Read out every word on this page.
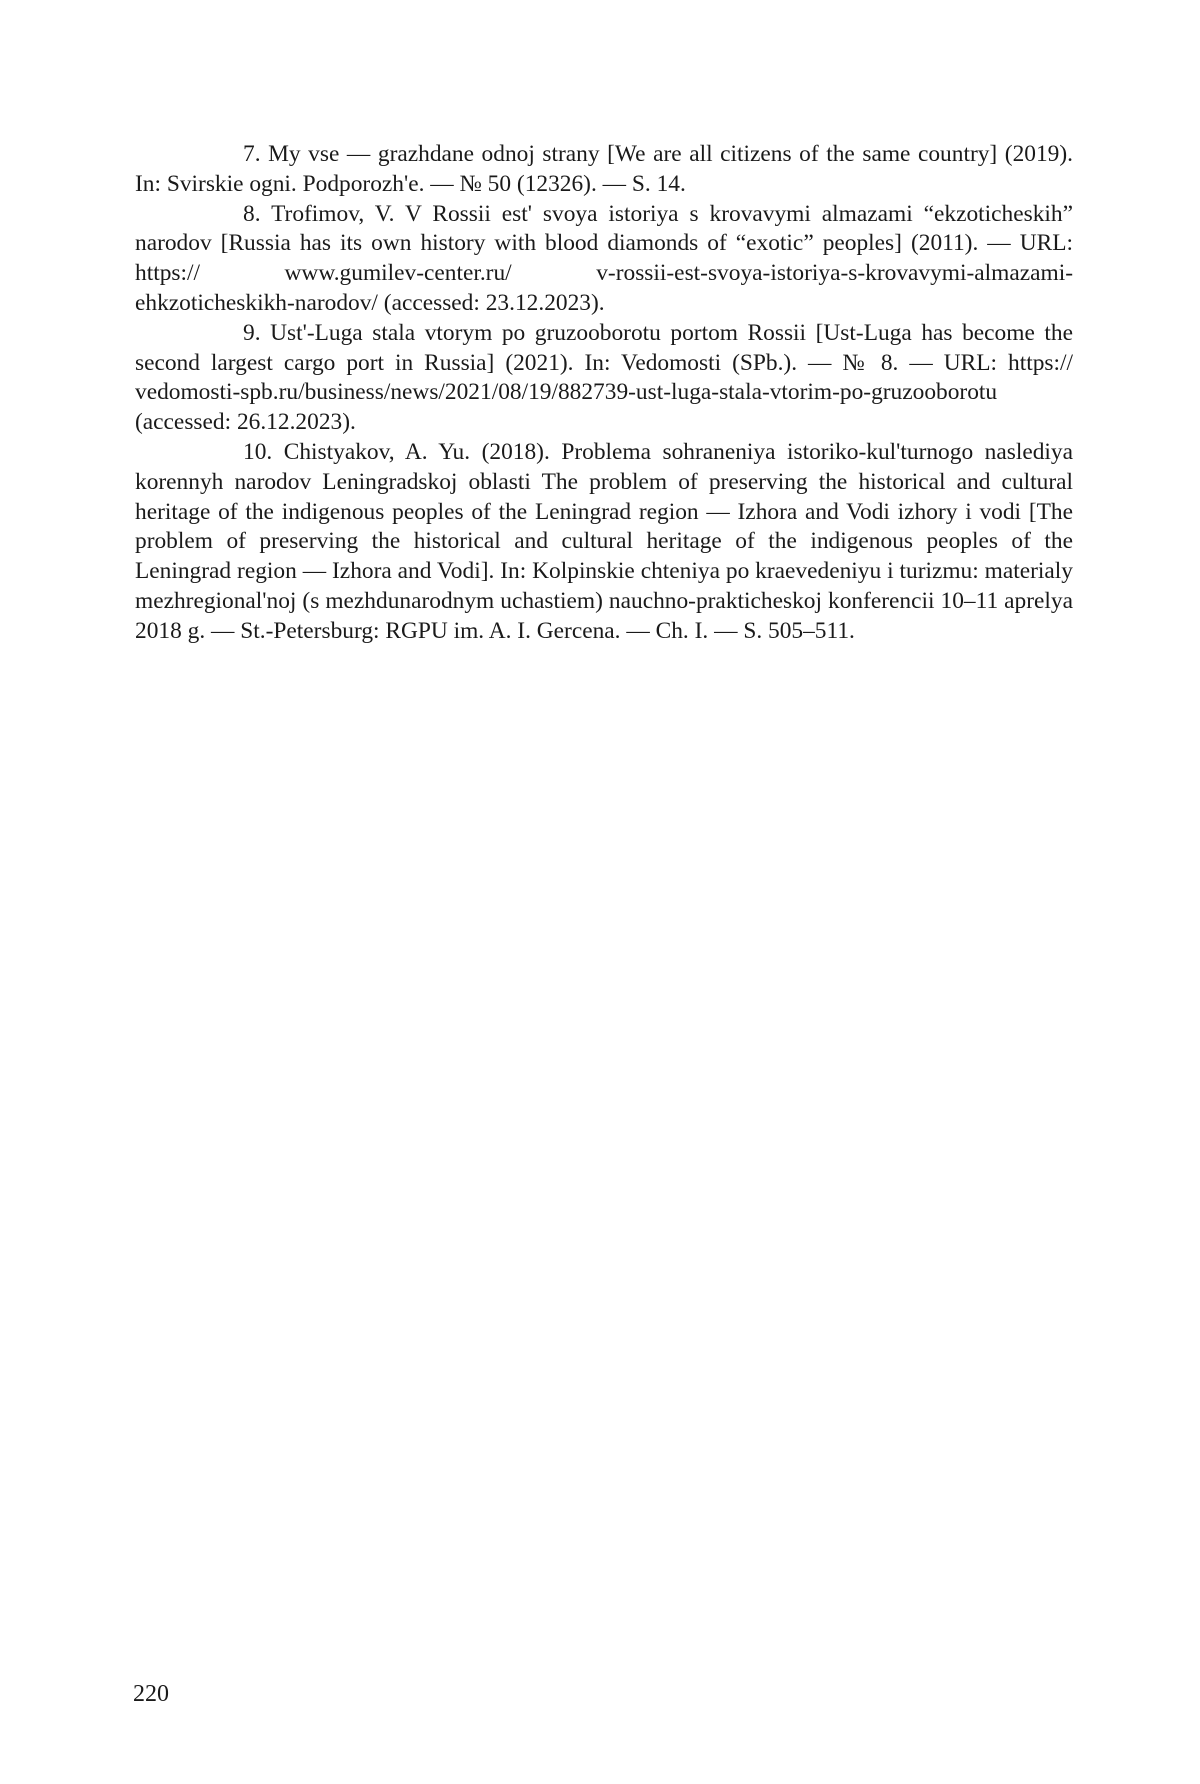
7. My vse — grazhdane odnoj strany [We are all citizens of the same country] (2019). In: Svirskie ogni. Podporozh'e. — № 50 (12326). — S. 14.

8. Trofimov, V. V Rossii est' svoya istoriya s krovavymi almazami “ekzoticheskih” narodov [Russia has its own history with blood diamonds of “exotic” peoples] (2011). — URL: https:// www.gumilev-center.ru/ v-rossii-est-svoya-istoriya-s-krovavymi-almazami-ehkzoticheskikh-narodov/ (accessed: 23.12.2023).

9. Ust'-Luga stala vtorym po gruzooborotu portom Rossii [Ust-Luga has become the second largest cargo port in Russia] (2021). In: Vedomosti (SPb.). — № 8. — URL: https:// vedomosti-spb.ru/business/news/2021/08/19/882739-ust-luga-stala-vtorim-po-gruzooborotu (accessed: 26.12.2023).

10. Chistyakov, A. Yu. (2018). Problema sohraneniya istoriko-kul'turnogo naslediya korennyh narodov Leningradskoj oblasti The problem of preserving the historical and cultural heritage of the indigenous peoples of the Leningrad region — Izhora and Vodi izhory i vodi [The problem of preserving the historical and cultural heritage of the indigenous peoples of the Leningrad region — Izhora and Vodi]. In: Kolpinskie chteniya po kraevedeniyu i turizmu: materialy mezhregional'noj (s mezhdunarodnym uchastiem) nauchno-prakticheskoj konferencii 10–11 aprelya 2018 g. — St.-Petersburg: RGPU im. A. I. Gercena. — Ch. I. — S. 505–511.

220
